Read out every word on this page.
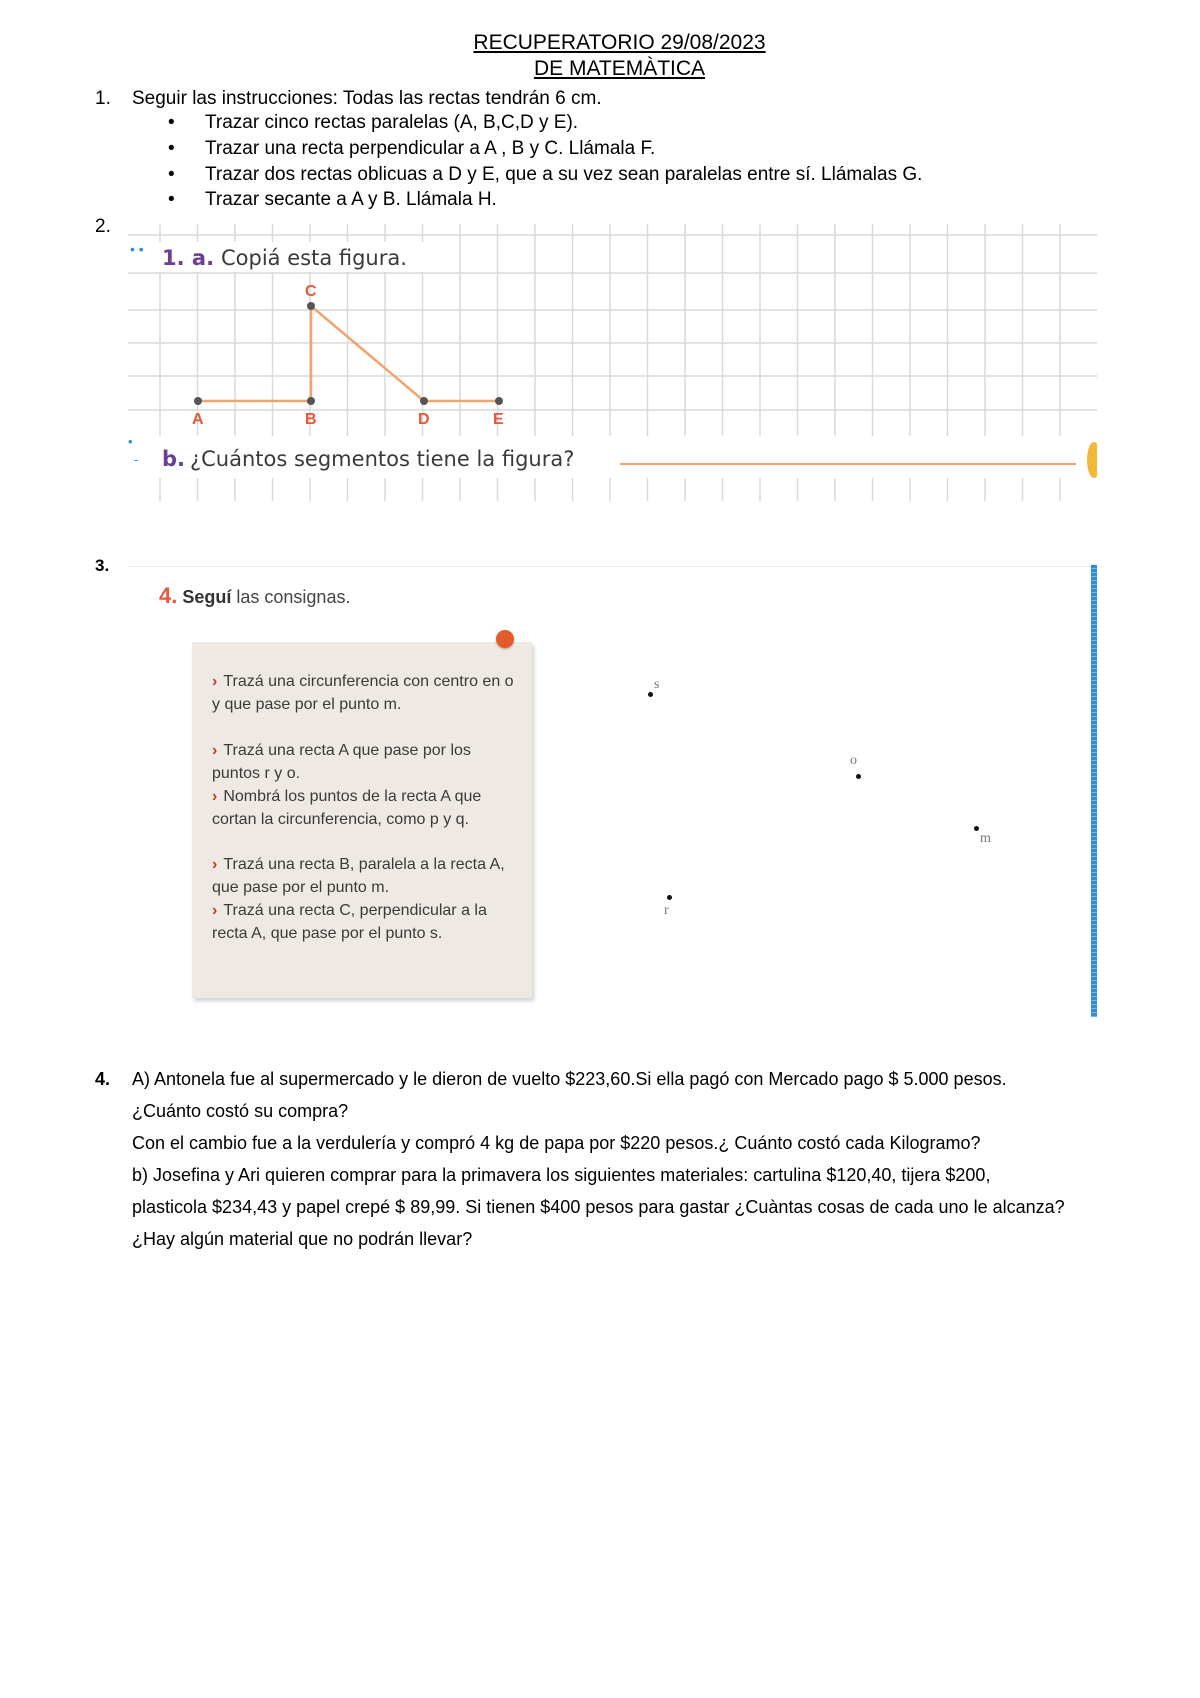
RECUPERATORIO 29/08/2023
DE MATEMÀTICA
1. Seguir las instrucciones: Todas las rectas tendrán 6 cm.
• Trazar cinco rectas paralelas (A, B,C,D y E).
• Trazar una recta perpendicular a A , B y C. Llámala F.
• Trazar dos rectas oblicuas a D y E, que a su vez sean paralelas entre sí. Llámalas G.
• Trazar secante a A y B. Llámala H.
2.
A	B
C
D	E
• • 1. a. Copiá esta figura.
•
- b. ¿Cuántos segmentos tiene la figura?
3.
4. Seguí las consignas.
› Trazá una circunferencia con centro en o y que pase por el punto m.
› Trazá una recta A que pase por los puntos r y o.
› Nombrá los puntos de la recta A que cortan la circunferencia, como p y q.
› Trazá una recta B, paralela a la recta A, que pase por el punto m.
› Trazá una recta C, perpendicular a la recta A, que pase por el punto s.
s
o
m
r
4. A) Antonela fue al supermercado y le dieron de vuelto $223,60.Si ella pagó con Mercado pago $ 5.000 pesos.
¿Cuánto costó su compra?
Con el cambio fue a la verdulería y compró 4 kg de papa por $220 pesos.¿ Cuánto costó cada Kilogramo?
b) Josefina y Ari quieren comprar para la primavera los siguientes materiales: cartulina $120,40, tijera $200,
plasticola $234,43 y papel crepé $ 89,99. Si tienen $400 pesos para gastar ¿Cuàntas cosas de cada uno le alcanza?
¿Hay algún material que no podrán llevar?
